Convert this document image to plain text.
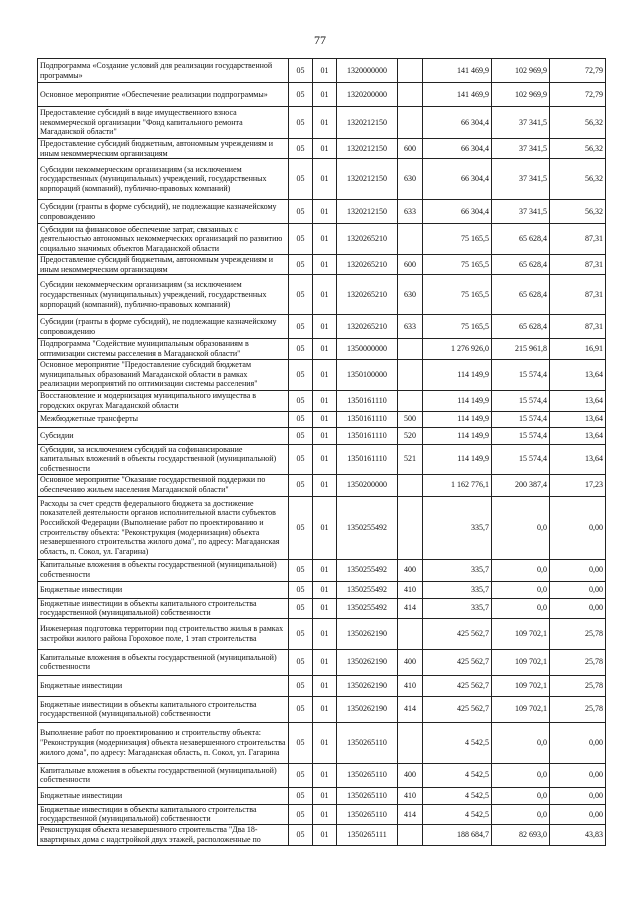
77
Подпрограмма «Создание условий для реализации государственной программы»	05	01	1320000000		141 469,9	102 969,9	72,79
Основное мероприятие «Обеспечение реализации подпрограммы»	05	01	1320200000		141 469,9	102 969,9	72,79
Предоставление субсидий в виде имущественного взноса некоммерческой организации "Фонд капитального ремонта Магаданской области"	05	01	1320212150		66 304,4	37 341,5	56,32
Предоставление субсидий бюджетным, автономным учреждениям и иным некоммерческим организациям	05	01	1320212150	600	66 304,4	37 341,5	56,32
Субсидии некоммерческим организациям (за исключением государственных (муниципальных) учреждений, государственных корпораций (компаний), публично-правовых компаний)	05	01	1320212150	630	66 304,4	37 341,5	56,32
Субсидии (гранты в форме субсидий), не подлежащие казначейскому сопровождению	05	01	1320212150	633	66 304,4	37 341,5	56,32
Субсидии на финансовое обеспечение затрат, связанных с деятельностью автономных некоммерческих организаций по развитию социально значимых объектов Магаданской области	05	01	1320265210		75 165,5	65 628,4	87,31
Предоставление субсидий бюджетным, автономным учреждениям и иным некоммерческим организациям	05	01	1320265210	600	75 165,5	65 628,4	87,31
Субсидии некоммерческим организациям (за исключением государственных (муниципальных) учреждений, государственных корпораций (компаний), публично-правовых компаний)	05	01	1320265210	630	75 165,5	65 628,4	87,31
Субсидии (гранты в форме субсидий), не подлежащие казначейскому сопровождению	05	01	1320265210	633	75 165,5	65 628,4	87,31
Подпрограмма "Содействие муниципальным образованиям в оптимизации системы расселения в Магаданской области"	05	01	1350000000		1 276 926,0	215 961,8	16,91
Основное мероприятие "Предоставление субсидий бюджетам муниципальных образований Магаданской области в рамках реализации мероприятий по оптимизации системы расселения"	05	01	1350100000		114 149,9	15 574,4	13,64
Восстановление и модернизация муниципального имущества в городских округах Магаданской области	05	01	1350161110		114 149,9	15 574,4	13,64
Межбюджетные трансферты	05	01	1350161110	500	114 149,9	15 574,4	13,64
Субсидии	05	01	1350161110	520	114 149,9	15 574,4	13,64
Субсидии, за исключением субсидий на софинансирование капитальных вложений в объекты государственной (муниципальной) собственности	05	01	1350161110	521	114 149,9	15 574,4	13,64
Основное мероприятие "Оказание государственной поддержки по обеспечению жильем населения Магаданской области"	05	01	1350200000		1 162 776,1	200 387,4	17,23
Расходы за счет средств федерального бюджета за достижение показателей деятельности органов исполнительной власти субъектов Российской Федерации (Выполнение работ по проектированию и строительству объекта: "Реконструкция (модернизация) объекта незавершенного строительства жилого дома", по адресу: Магаданская область, п. Сокол, ул. Гагарина)	05	01	1350255492		335,7	0,0	0,00
Капитальные вложения в объекты государственной (муниципальной) собственности	05	01	1350255492	400	335,7	0,0	0,00
Бюджетные инвестиции	05	01	1350255492	410	335,7	0,0	0,00
Бюджетные инвестиции в объекты капитального строительства государственной (муниципальной) собственности	05	01	1350255492	414	335,7	0,0	0,00
Инженерная подготовка территории под строительство жилья в рамках застройки жилого района Гороховое поле, 1 этап строительства	05	01	1350262190		425 562,7	109 702,1	25,78
Капитальные вложения в объекты государственной (муниципальной) собственности	05	01	1350262190	400	425 562,7	109 702,1	25,78
Бюджетные инвестиции	05	01	1350262190	410	425 562,7	109 702,1	25,78
Бюджетные инвестиции в объекты капитального строительства государственной (муниципальной) собственности	05	01	1350262190	414	425 562,7	109 702,1	25,78
Выполнение работ по проектированию и строительству объекта: "Реконструкция (модернизация) объекта незавершенного строительства жилого дома", по адресу: Магаданская область, п. Сокол, ул. Гагарина	05	01	1350265110		4 542,5	0,0	0,00
Капитальные вложения в объекты государственной (муниципальной) собственности	05	01	1350265110	400	4 542,5	0,0	0,00
Бюджетные инвестиции	05	01	1350265110	410	4 542,5	0,0	0,00
Бюджетные инвестиции в объекты капитального строительства государственной (муниципальной) собственности	05	01	1350265110	414	4 542,5	0,0	0,00
Реконструкция объекта незавершенного строительства "Два 18-квартирных дома с надстройкой двух этажей, расположенные по	05	01	1350265111		188 684,7	82 693,0	43,83
